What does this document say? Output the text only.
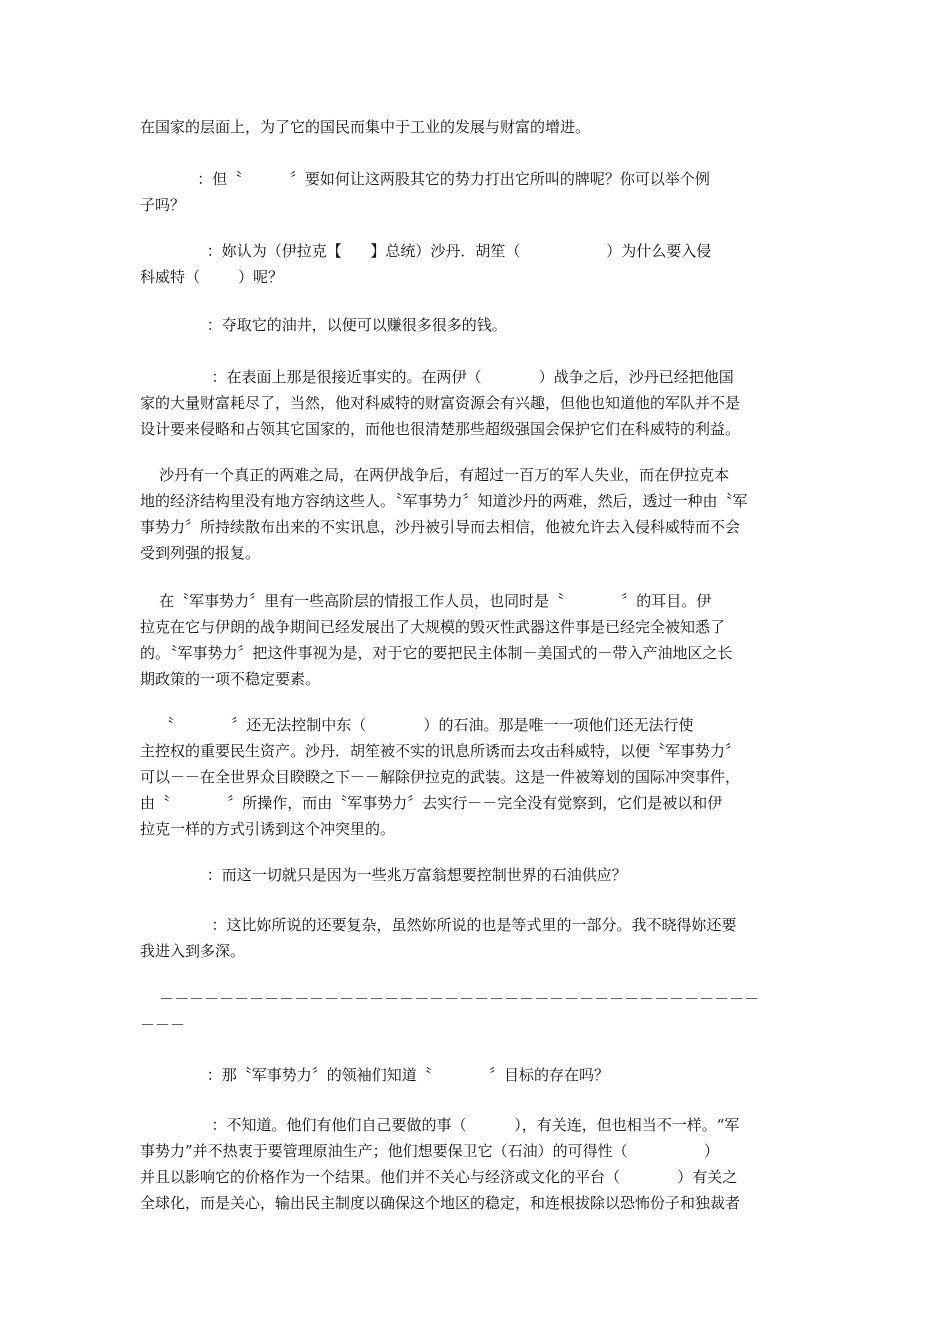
在国家的层面上，为了它的国民而集中于工业的发展与财富的增进。
：但〝          〞要如何让这两股其它的势力打出它所叫的牌呢？你可以举个例
子吗？
：妳认为（伊拉克【      】总统）沙丹．胡笙（                  ）为什么要入侵
科威特（        ）呢？
：夺取它的油井，以便可以赚很多很多的钱。
：在表面上那是很接近事实的。在两伊（            ）战争之后，沙丹已经把他国
家的大量财富耗尽了，当然，他对科威特的财富资源会有兴趣，但他也知道他的军队并不是
设计要来侵略和占领其它国家的，而他也很清楚那些超级强国会保护它们在科威特的利益。
沙丹有一个真正的两难之局，在两伊战争后，有超过一百万的军人失业，而在伊拉克本
地的经济结构里没有地方容纳这些人。〝军事势力〞知道沙丹的两难，然后，透过一种由〝军
事势力〞所持续散布出来的不实讯息，沙丹被引导而去相信，他被允许去入侵科威特而不会
受到列强的报复。
在〝军事势力〞里有一些高阶层的情报工作人员，也同时是〝            〞的耳目。伊
拉克在它与伊朗的战争期间已经发展出了大规模的毁灭性武器这件事是已经完全被知悉了
的。〝军事势力〞把这件事视为是，对于它的要把民主体制－美国式的－带入产油地区之长
期政策的一项不稳定要素。
〝            〞还无法控制中东（            ）的石油。那是唯一一项他们还无法行使
主控权的重要民生资产。沙丹．胡笙被不实的讯息所诱而去攻击科威特，以便〝军事势力〞
可以－－在全世界众目睽睽之下－－解除伊拉克的武装。这是一件被筹划的国际冲突事件，
由〝            〞所操作，而由〝军事势力〞去实行－－完全没有觉察到，它们是被以和伊
拉克一样的方式引诱到这个冲突里的。
：而这一切就只是因为一些兆万富翁想要控制世界的石油供应？
：这比妳所说的还要复杂，虽然妳所说的也是等式里的一部分。我不晓得妳还要
我进入到多深。
－－－－－－－－－－－－－－－－－－－－－－－－－－－－－－－－－－－－－－－－
－－－
：那〝军事势力〞的领袖们知道〝            〞目标的存在吗？
：不知道。他们有他们自己要做的事（          ），有关连，但也相当不一样。“军
事势力”并不热衷于要管理原油生产；他们想要保卫它（石油）的可得性（                ）
并且以影响它的价格作为一个结果。他们并不关心与经济或文化的平台（            ）有关之
全球化，而是关心，输出民主制度以确保这个地区的稳定，和连根拔除以恐怖份子和独裁者
